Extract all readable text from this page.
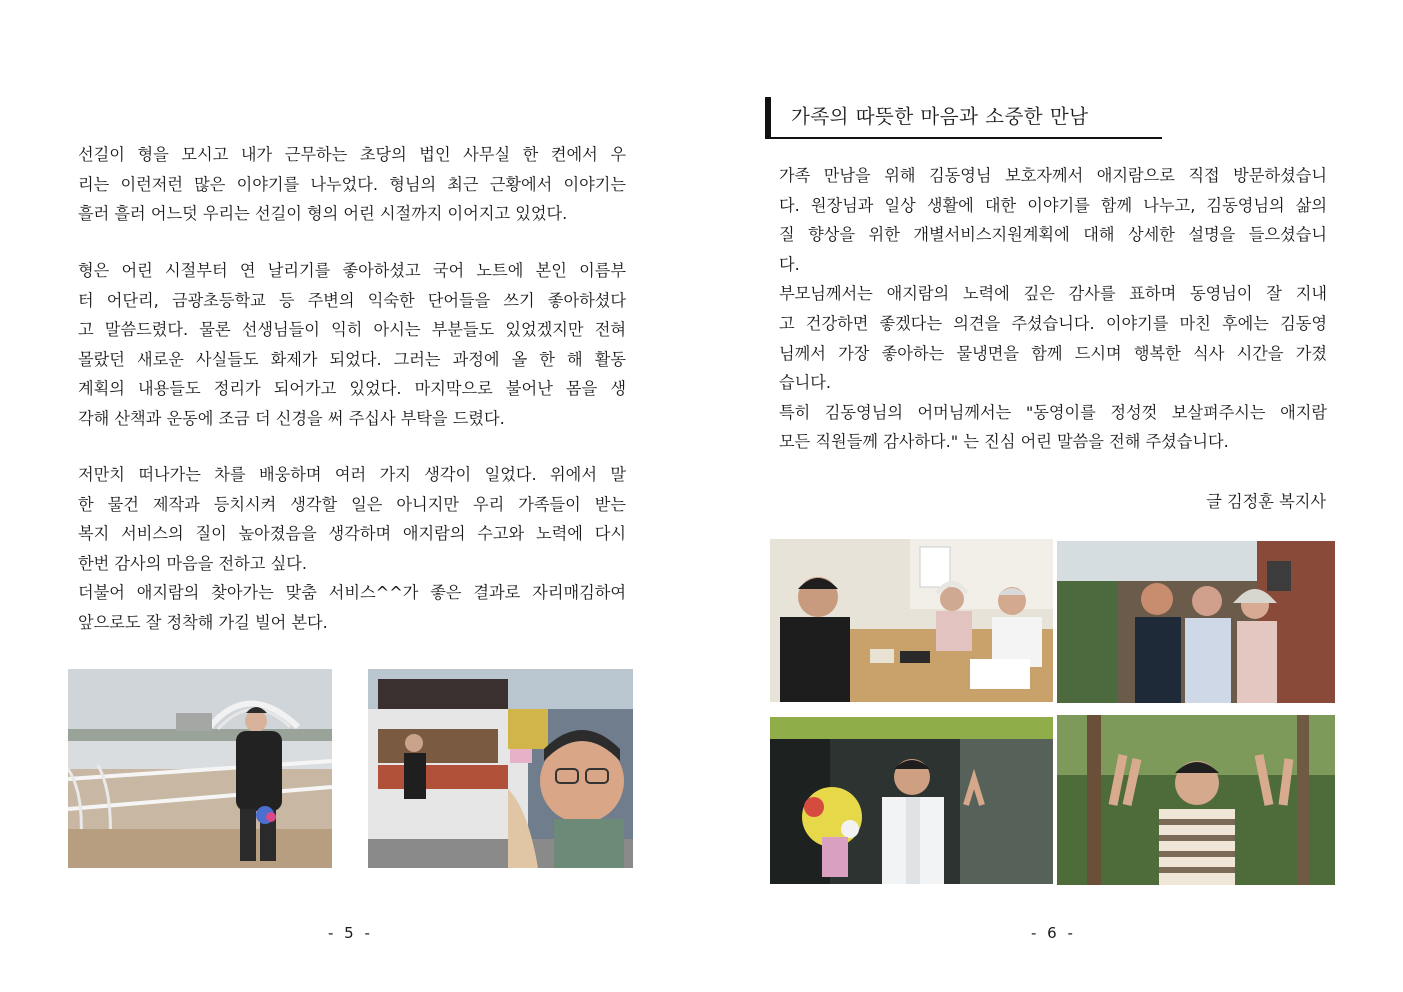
선길이 형을 모시고 내가 근무하는 초당의 법인 사무실 한 켠에서 우
리는 이런저런 많은 이야기를 나누었다. 형님의 최근 근황에서 이야기는
흘러 흘러 어느덧 우리는 선길이 형의 어린 시절까지 이어지고 있었다.
형은 어린 시절부터 연 날리기를 좋아하셨고 국어 노트에 본인 이름부
터 어단리, 금광초등학교 등 주변의 익숙한 단어들을 쓰기 좋아하셨다
고 말씀드렸다. 물론 선생님들이 익히 아시는 부분들도 있었겠지만 전혀
몰랐던 새로운 사실들도 화제가 되었다. 그러는 과정에 올 한 해 활동
계획의 내용들도 정리가 되어가고 있었다. 마지막으로 불어난 몸을 생
각해 산책과 운동에 조금 더 신경을 써 주십사 부탁을 드렸다.
저만치 떠나가는 차를 배웅하며 여러 가지 생각이 일었다. 위에서 말
한 물건 제작과 등치시켜 생각할 일은 아니지만 우리 가족들이 받는
복지 서비스의 질이 높아졌음을 생각하며 애지람의 수고와 노력에 다시
한번 감사의 마음을 전하고 싶다.
더불어 애지람의 찾아가는 맞춤 서비스^^가 좋은 결과로 자리매김하여
앞으로도 잘 정착해 가길 빌어 본다.
- 5 -
가족의 따뜻한 마음과 소중한 만남
가족 만남을 위해 김동영님 보호자께서 애지람으로 직접 방문하셨습니
다. 원장님과 일상 생활에 대한 이야기를 함께 나누고, 김동영님의 삶의
질 향상을 위한 개별서비스지원계획에 대해 상세한 설명을 들으셨습니
다.
부모님께서는 애지람의 노력에 깊은 감사를 표하며 동영님이 잘 지내
고 건강하면 좋겠다는 의견을 주셨습니다. 이야기를 마친 후에는 김동영
님께서 가장 좋아하는 물냉면을 함께 드시며 행복한 식사 시간을 가졌
습니다.
특히 김동영님의 어머님께서는 "동영이를 정성껏 보살펴주시는 애지람
모든 직원들께 감사하다." 는 진심 어린 말씀을 전해 주셨습니다.
글 김정훈 복지사
- 6 -
